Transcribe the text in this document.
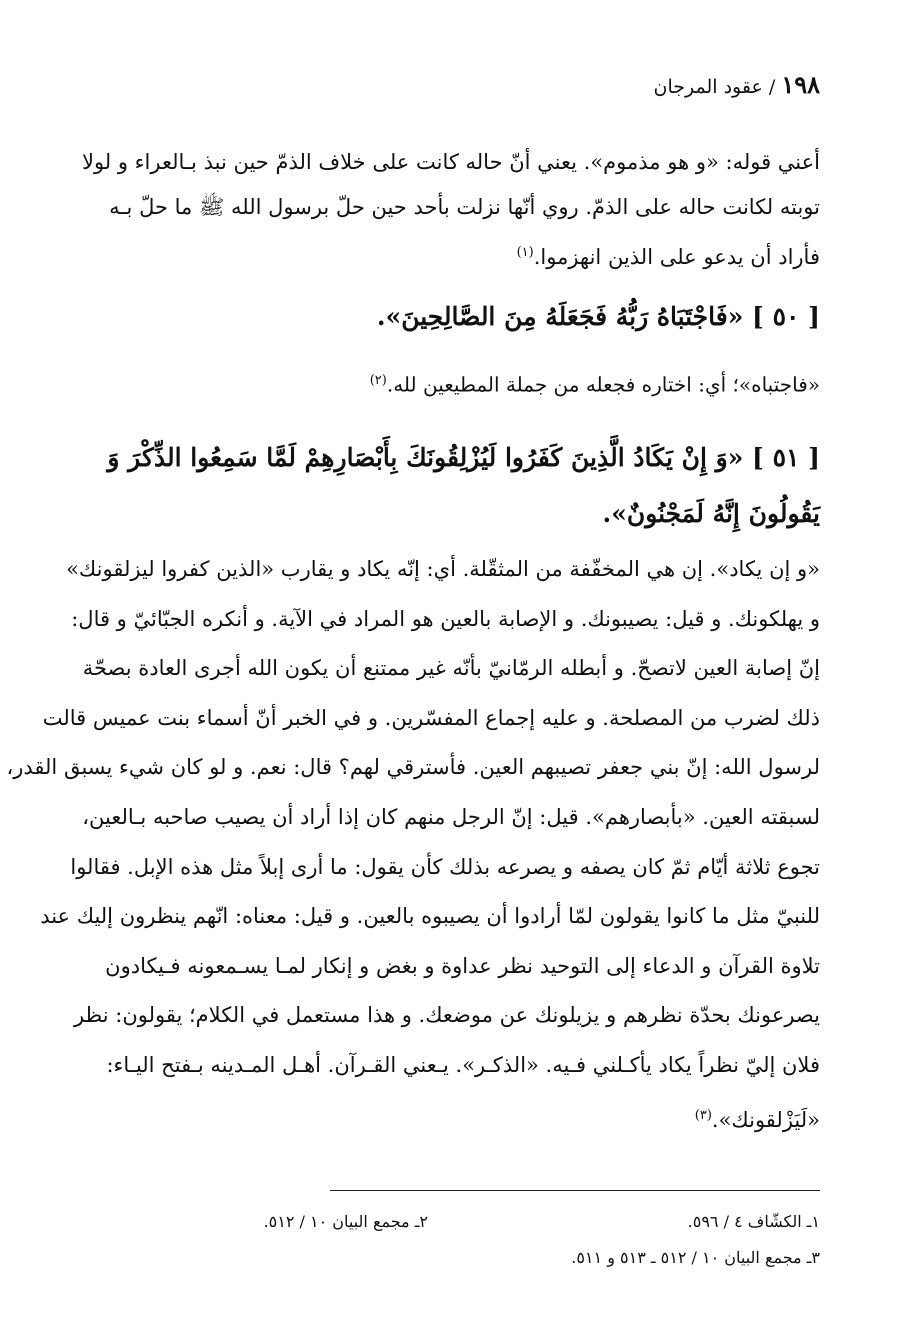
١٩٨ / عقود المرجان
أعني قوله: «و هو مذموم». يعني أنّ حاله كانت على خلاف الذمّ حين نبذ بـالعراء و لولا
توبته لكانت حاله على الذمّ. روي أنّها نزلت بأحد حين حلّ برسول الله ﷺ ما حلّ بـه
فأراد أن يدعو على الذين انهزموا.$^{(١)}$
[ ٥٠ ] «فَاجْتَبَاهُ رَبُّهُ فَجَعَلَهُ مِنَ الصَّالِحِينَ».
«فاجتباه»؛ أي: اختاره فجعله من جملة المطيعين لله.$^{(٢)}$
[ ٥١ ] «وَ إِنْ يَكَادُ الَّذِينَ كَفَرُوا لَيُزْلِقُونَكَ بِأَبْصَارِهِمْ لَمَّا سَمِعُوا الذِّكْرَ وَ يَقُولُونَ إِنَّهُ لَمَجْنُونٌ».
«و إن يكاد». إن هي المخفّفة من المثقّلة. أي: إنّه يكاد و يقارب «الذين كفروا ليزلقونك»
و يهلكونك. و قيل: يصيبونك. و الإصابة بالعين هو المراد في الآية. و أنكره الجبّائيّ و قال:
إنّ إصابة العين لاتصحّ. و أبطله الرمّانيّ بأنّه غير ممتنع أن يكون الله أجرى العادة بصحّة
ذلك لضرب من المصلحة. و عليه إجماع المفسّرين. و في الخبر أنّ أسماء بنت عميس قالت
لرسول الله: إنّ بني جعفر تصيبهم العين. فأسترقي لهم؟ قال: نعم. و لو كان شيء يسبق القدر،
لسبقته العين. «بأبصارهم». قيل: إنّ الرجل منهم كان إذا أراد أن يصيب صاحبه بـالعين،
تجوع ثلاثة أيّام ثمّ كان يصفه و يصرعه بذلك كأن يقول: ما أرى إبلاً مثل هذه الإبل. فقالوا
للنبيّ مثل ما كانوا يقولون لمّا أرادوا أن يصيبوه بالعين. و قيل: معناه: انّهم ينظرون إليك عند
تلاوة القرآن و الدعاء إلى التوحيد نظر عداوة و بغض و إنكار لمـا يسـمعونه فـيكادون
يصرعونك بحدّة نظرهم و يزيلونك عن موضعك. و هذا مستعمل في الكلام؛ يقولون: نظر
فلان إليّ نظراً يكاد يأكـلني فـيه. «الذكـر». يـعني القـرآن. أهـل المـدينه بـفتح اليـاء:
«لَيَزْلقونك».$^{(٣)}$
١ـ الكشّاف ٤ / ٥٩٦.
٢ـ مجمع البيان ١٠ / ٥١٢.
٣ـ مجمع البيان ١٠ / ٥١٢ ـ ٥١٣ و ٥١١.
